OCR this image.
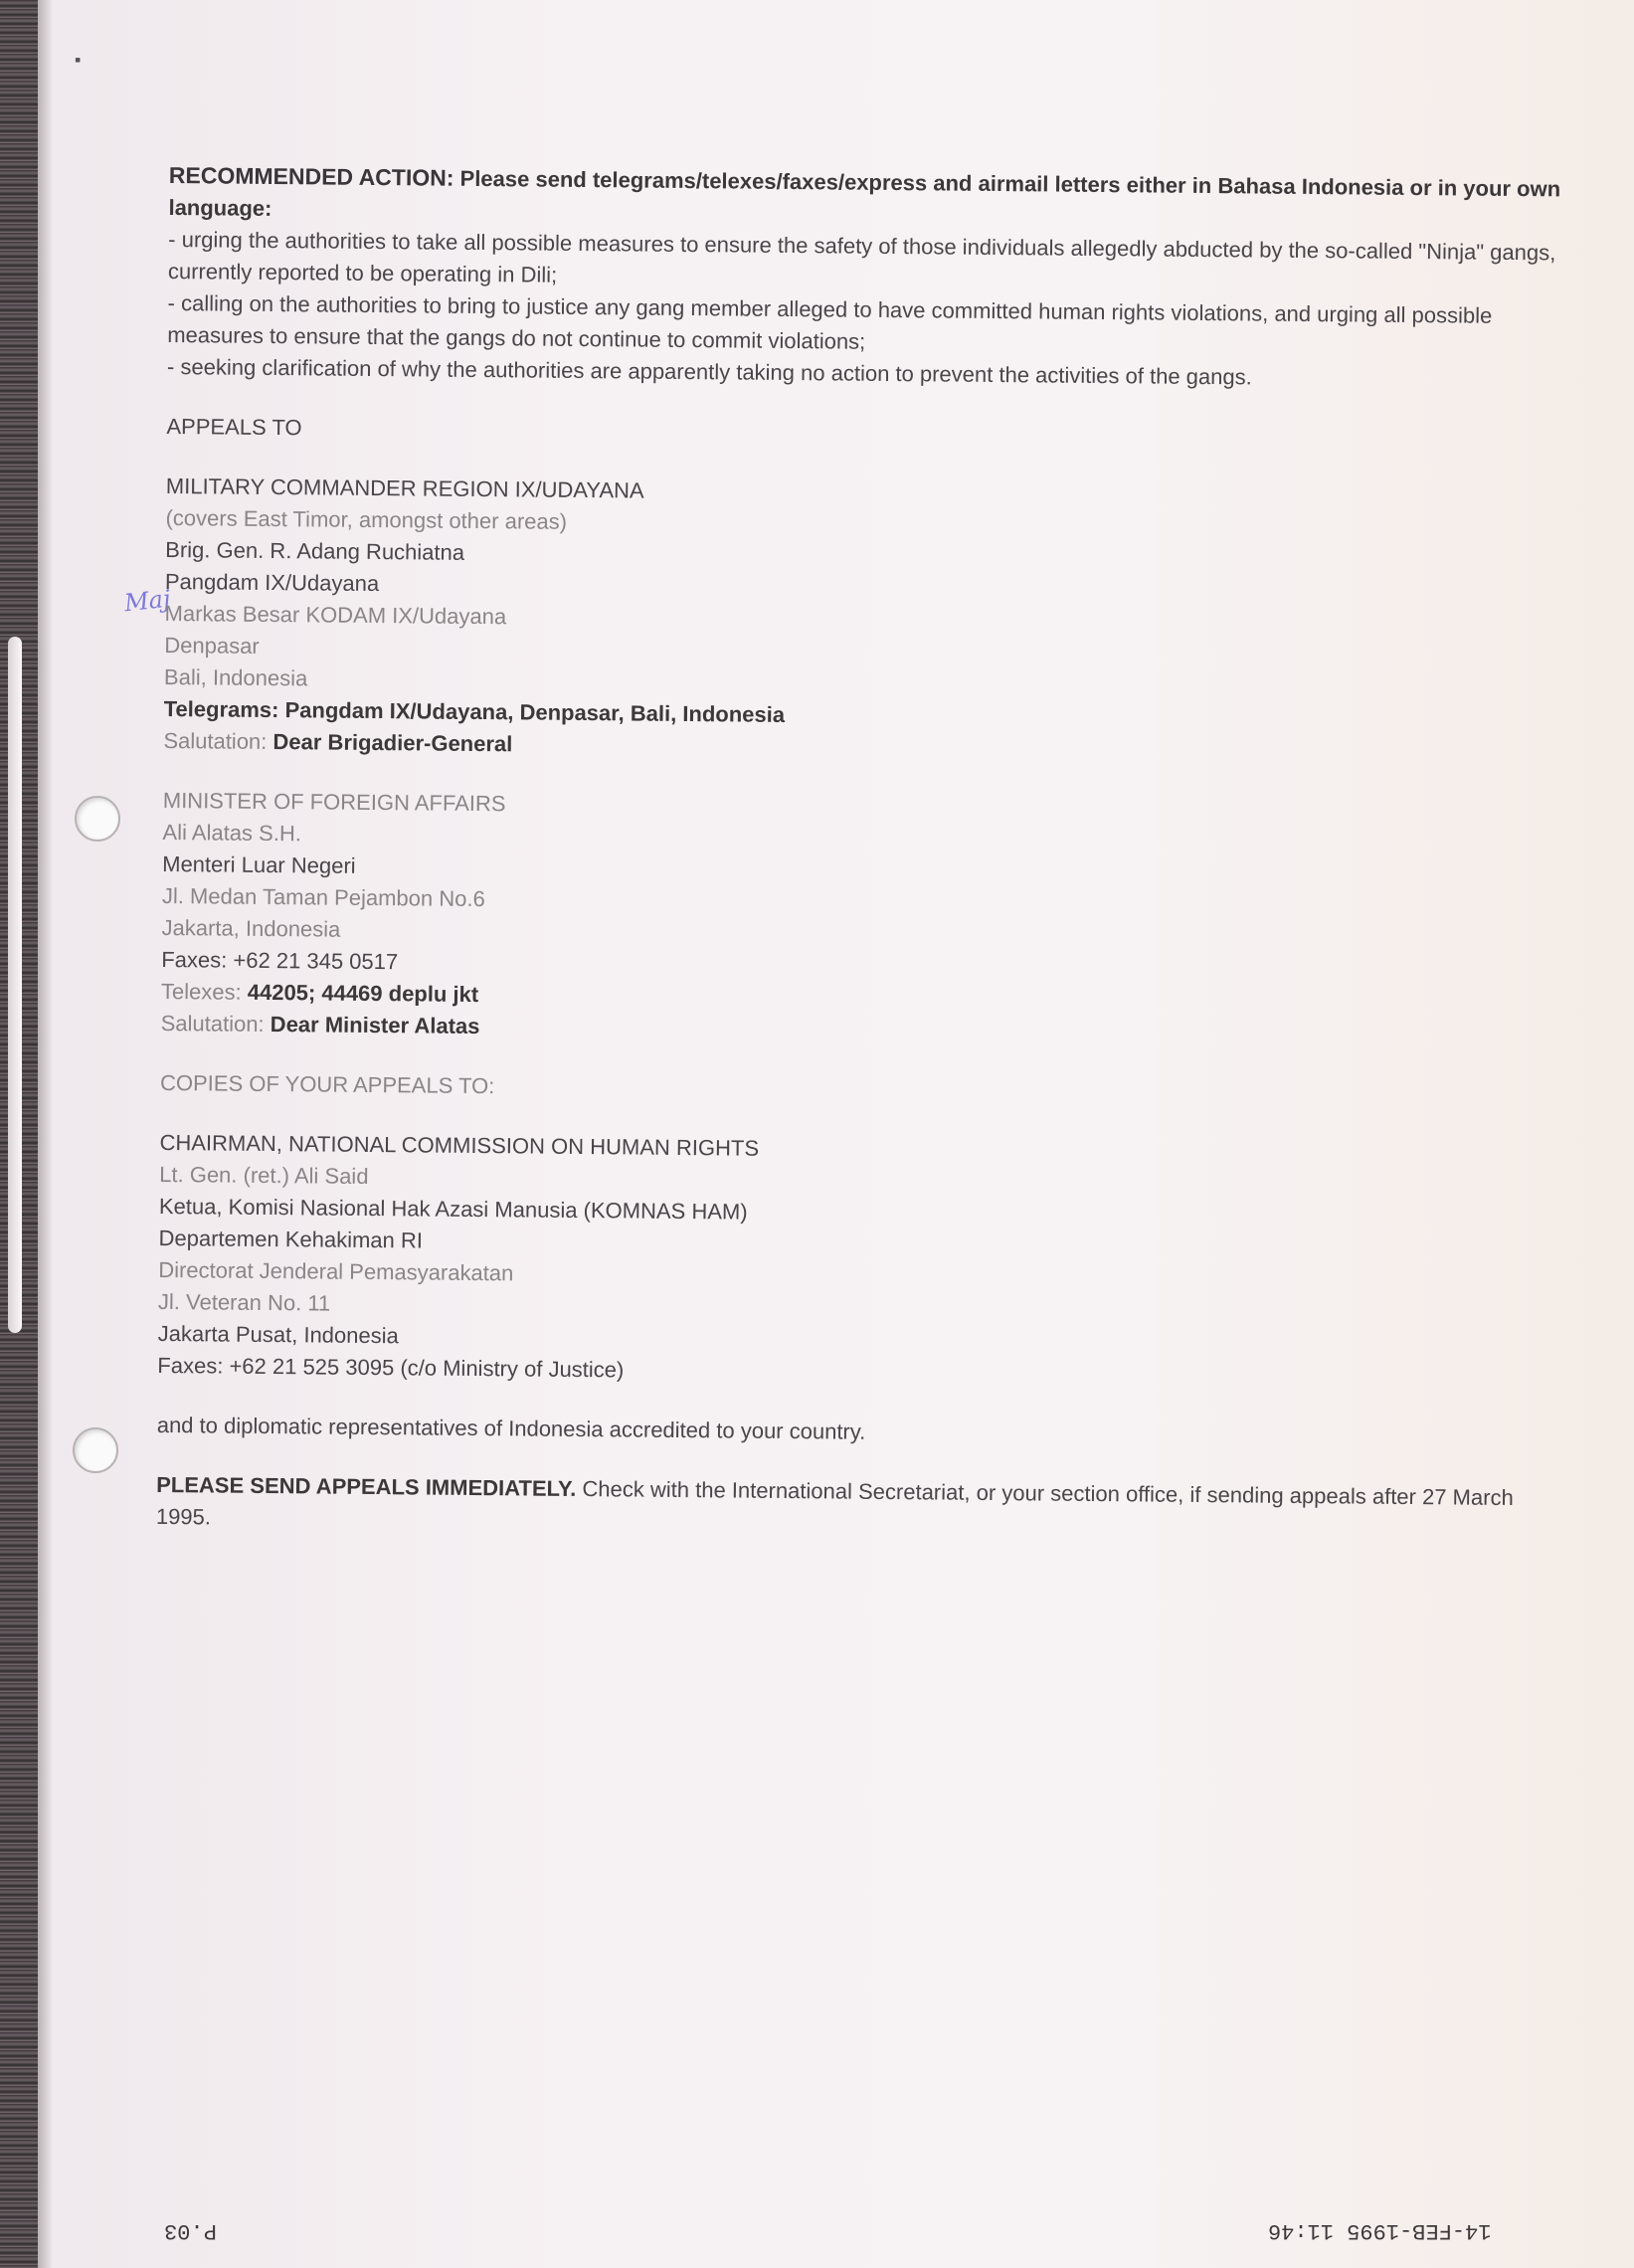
▪
Maj

RECOMMENDED ACTION: Please send telegrams/telexes/faxes/express and airmail letters either in Bahasa Indonesia or in your own language:

- urging the authorities to take all possible measures to ensure the safety of those individuals allegedly abducted by the so-called "Ninja" gangs, currently reported to be operating in Dili;

- calling on the authorities to bring to justice any gang member alleged to have committed human rights violations, and urging all possible measures to ensure that the gangs do not continue to commit violations;

- seeking clarification of why the authorities are apparently taking no action to prevent the activities of the gangs.

APPEALS TO

MILITARY COMMANDER REGION IX/UDAYANA

(covers East Timor, amongst other areas)

Brig. Gen. R. Adang Ruchiatna

Pangdam IX/Udayana

Markas Besar KODAM IX/Udayana

Denpasar

Bali, Indonesia

Telegrams: Pangdam IX/Udayana, Denpasar, Bali, Indonesia

Salutation: Dear Brigadier-General

MINISTER OF FOREIGN AFFAIRS

Ali Alatas S.H.

Menteri Luar Negeri

Jl. Medan Taman Pejambon No.6

Jakarta, Indonesia

Faxes: +62 21 345 0517

Telexes: 44205; 44469 deplu jkt

Salutation: Dear Minister Alatas

COPIES OF YOUR APPEALS TO:

CHAIRMAN, NATIONAL COMMISSION ON HUMAN RIGHTS

Lt. Gen. (ret.) Ali Said

Ketua, Komisi Nasional Hak Azasi Manusia (KOMNAS HAM)

Departemen Kehakiman RI

Directorat Jenderal Pemasyarakatan

Jl. Veteran No. 11

Jakarta Pusat, Indonesia

Faxes: +62 21 525 3095 (c/o Ministry of Justice)

and to diplomatic representatives of Indonesia accredited to your country.

PLEASE SEND APPEALS IMMEDIATELY. Check with the International Secretariat, or your section office, if sending appeals after 27 March 1995.

P.03	14-FEB-1995 11:46
